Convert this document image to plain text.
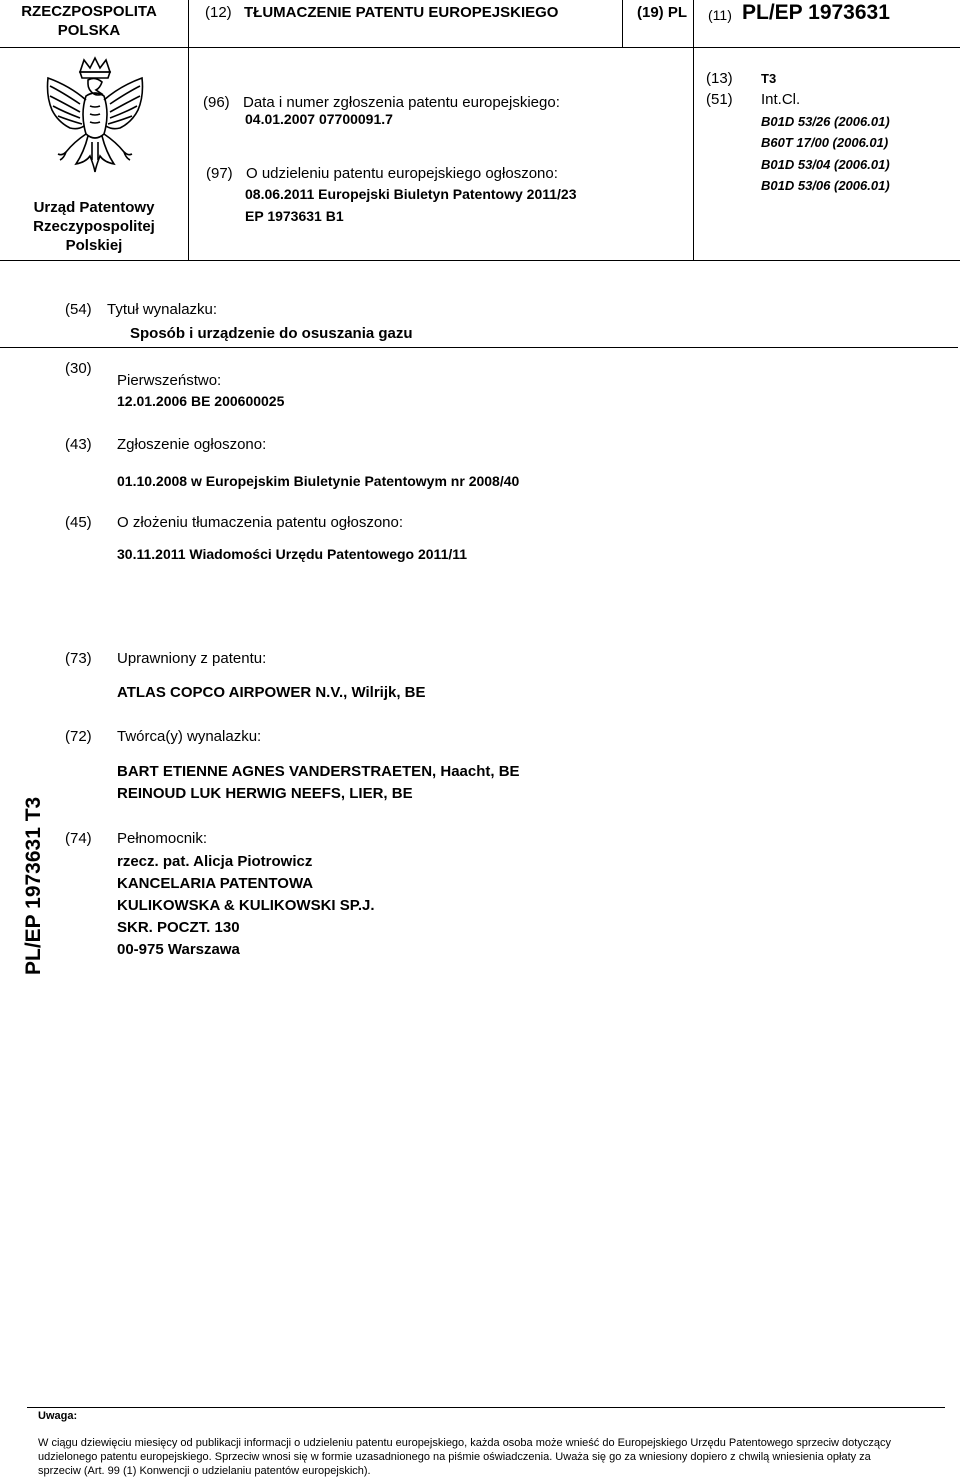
RZECZPOSPOLITA POLSKA
(12) TŁUMACZENIE PATENTU EUROPEJSKIEGO	(19) PL (11) PL/EP 1973631
Urząd Patentowy
Rzeczypospolitej
Polskiej
(96) Data i numer zgłoszenia patentu europejskiego:
04.01.2007 07700091.7
(97) O udzieleniu patentu europejskiego ogłoszono:
08.06.2011 Europejski Biuletyn Patentowy 2011/23
EP 1973631 B1
(13) T3
(51) Int.Cl.
B01D 53/26 (2006.01)
B60T 17/00 (2006.01)
B01D 53/04 (2006.01)
B01D 53/06 (2006.01)
(54) Tytuł wynalazku:
Sposób i urządzenie do osuszania gazu
(30)
Pierwszeństwo:
12.01.2006 BE 200600025
(43) Zgłoszenie ogłoszono:
01.10.2008 w Europejskim Biuletynie Patentowym nr 2008/40
(45) O złożeniu tłumaczenia patentu ogłoszono:
30.11.2011 Wiadomości Urzędu Patentowego 2011/11
(73) Uprawniony z patentu:
ATLAS COPCO AIRPOWER N.V., Wilrijk, BE
(72) Twórca(y) wynalazku:
BART ETIENNE AGNES VANDERSTRAETEN, Haacht, BE
REINOUD LUK HERWIG NEEFS, LIER, BE
PL/EP 1973631 T3 (74) Pełnomocnik:
rzecz. pat. Alicja Piotrowicz
KANCELARIA PATENTOWA
KULIKOWSKA & KULIKOWSKI SP.J.
SKR. POCZT. 130
00-975 Warszawa
Uwaga:
W ciągu dziewięciu miesięcy od publikacji informacji o udzieleniu patentu europejskiego, każda osoba może wnieść do Europejskiego Urzędu Patentowego sprzeciw dotyczący
udzielonego patentu europejskiego. Sprzeciw wnosi się w formie uzasadnionego na piśmie oświadczenia. Uważa się go za wniesiony dopiero z chwilą wniesienia opłaty za
sprzeciw (Art. 99 (1) Konwencji o udzielaniu patentów europejskich).
